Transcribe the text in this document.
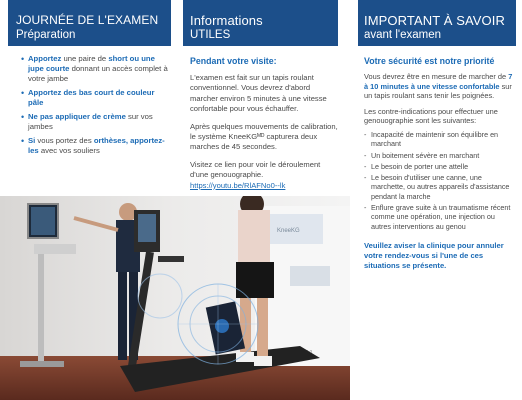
JOURNÉE DE L'EXAMEN
Préparation
• Apportez une paire de short ou une jupe courte donnant un accès complet à votre jambe
• Apportez des bas court de couleur pâle
• Ne pas appliquer de crème sur vos jambes
• Si vous portez des orthèses, apportez-les avec vos souliers
Informations
UTILES
Pendant votre visite:
L'examen est fait sur un tapis roulant conventionnel. Vous devrez d'abord marcher environ 5 minutes à une vitesse confortable pour vous échauffer.
Après quelques mouvements de calibration, le système KneeKGᴹᴰ capturera deux marches de 45 secondes.
Visitez ce lien pour voir le déroulement d'une genouographie.
https://youtu.be/RlAFNo0--lk
IMPORTANT À SAVOIR
avant l'examen
Votre sécurité est notre priorité
Vous devrez être en mesure de marcher de 7 à 10 minutes à une vitesse confortable sur un tapis roulant sans tenir les poignées.
Les contre-indications pour effectuer une genouographie sont les suivantes:
- Incapacité de maintenir son équilibre en marchant
- Un boitement sévère en marchant
- Le besoin de porter une attelle
- Le besoin d'utiliser une canne, une marchette, ou autres appareils d'assistance pendant la marche
- Enflure grave suite à un traumatisme récent comme une opération, une injection ou autres interventions au genou
Veuillez aviser la clinique pour annuler votre rendez-vous si l'une de ces situations se présente.
KneeKG
